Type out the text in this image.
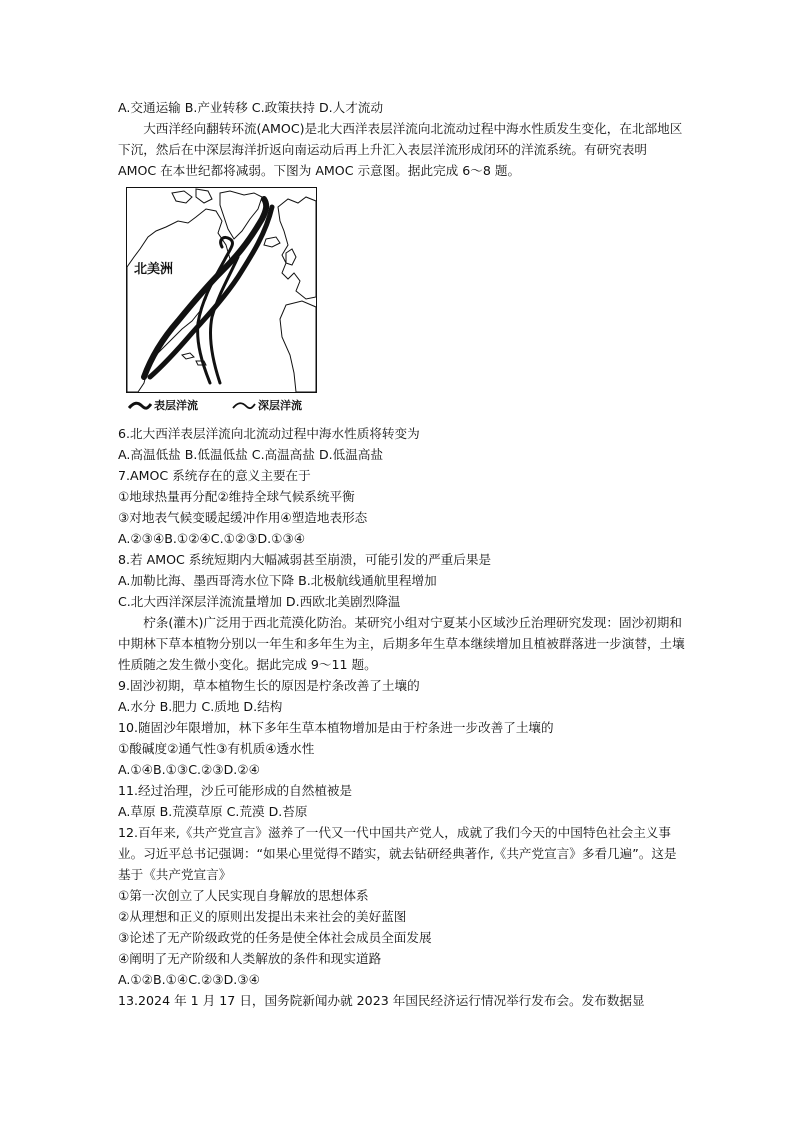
A.交通运输 B.产业转移 C.政策扶持 D.人才流动
大西洋经向翻转环流(AMOC)是北大西洋表层洋流向北流动过程中海水性质发生变化，在北部地区下沉，然后在中深层海洋折返向南运动后再上升汇入表层洋流形成闭环的洋流系统。有研究表明 AMOC 在本世纪都将减弱。下图为 AMOC 示意图。据此完成 6～8 题。
北美洲
表层洋流	深层洋流
6.北大西洋表层洋流向北流动过程中海水性质将转变为
A.高温低盐 B.低温低盐 C.高温高盐 D.低温高盐
7.AMOC 系统存在的意义主要在于
①地球热量再分配②维持全球气候系统平衡
③对地表气候变暖起缓冲作用④塑造地表形态
A.②③④B.①②④C.①②③D.①③④
8.若 AMOC 系统短期内大幅减弱甚至崩溃，可能引发的严重后果是
A.加勒比海、墨西哥湾水位下降 B.北极航线通航里程增加
C.北大西洋深层洋流流量增加 D.西欧北美剧烈降温
柠条(灌木)广泛用于西北荒漠化防治。某研究小组对宁夏某小区域沙丘治理研究发现：固沙初期和中期林下草本植物分别以一年生和多年生为主，后期多年生草本继续增加且植被群落进一步演替，土壤性质随之发生微小变化。据此完成 9～11 题。
9.固沙初期，草本植物生长的原因是柠条改善了土壤的
A.水分 B.肥力 C.质地 D.结构
10.随固沙年限增加，林下多年生草本植物增加是由于柠条进一步改善了土壤的
①酸碱度②通气性③有机质④透水性
A.①④B.①③C.②③D.②④
11.经过治理，沙丘可能形成的自然植被是
A.草原 B.荒漠草原 C.荒漠 D.苔原
12.百年来,《共产党宣言》滋养了一代又一代中国共产党人，成就了我们今天的中国特色社会主义事业。习近平总书记强调：“如果心里觉得不踏实，就去钻研经典著作,《共产党宣言》多看几遍”。这是基于《共产党宣言》
①第一次创立了人民实现自身解放的思想体系
②从理想和正义的原则出发提出未来社会的美好蓝图
③论述了无产阶级政党的任务是使全体社会成员全面发展
④阐明了无产阶级和人类解放的条件和现实道路
A.①②B.①④C.②③D.③④
13.2024 年 1 月 17 日，国务院新闻办就 2023 年国民经济运行情况举行发布会。发布数据显
